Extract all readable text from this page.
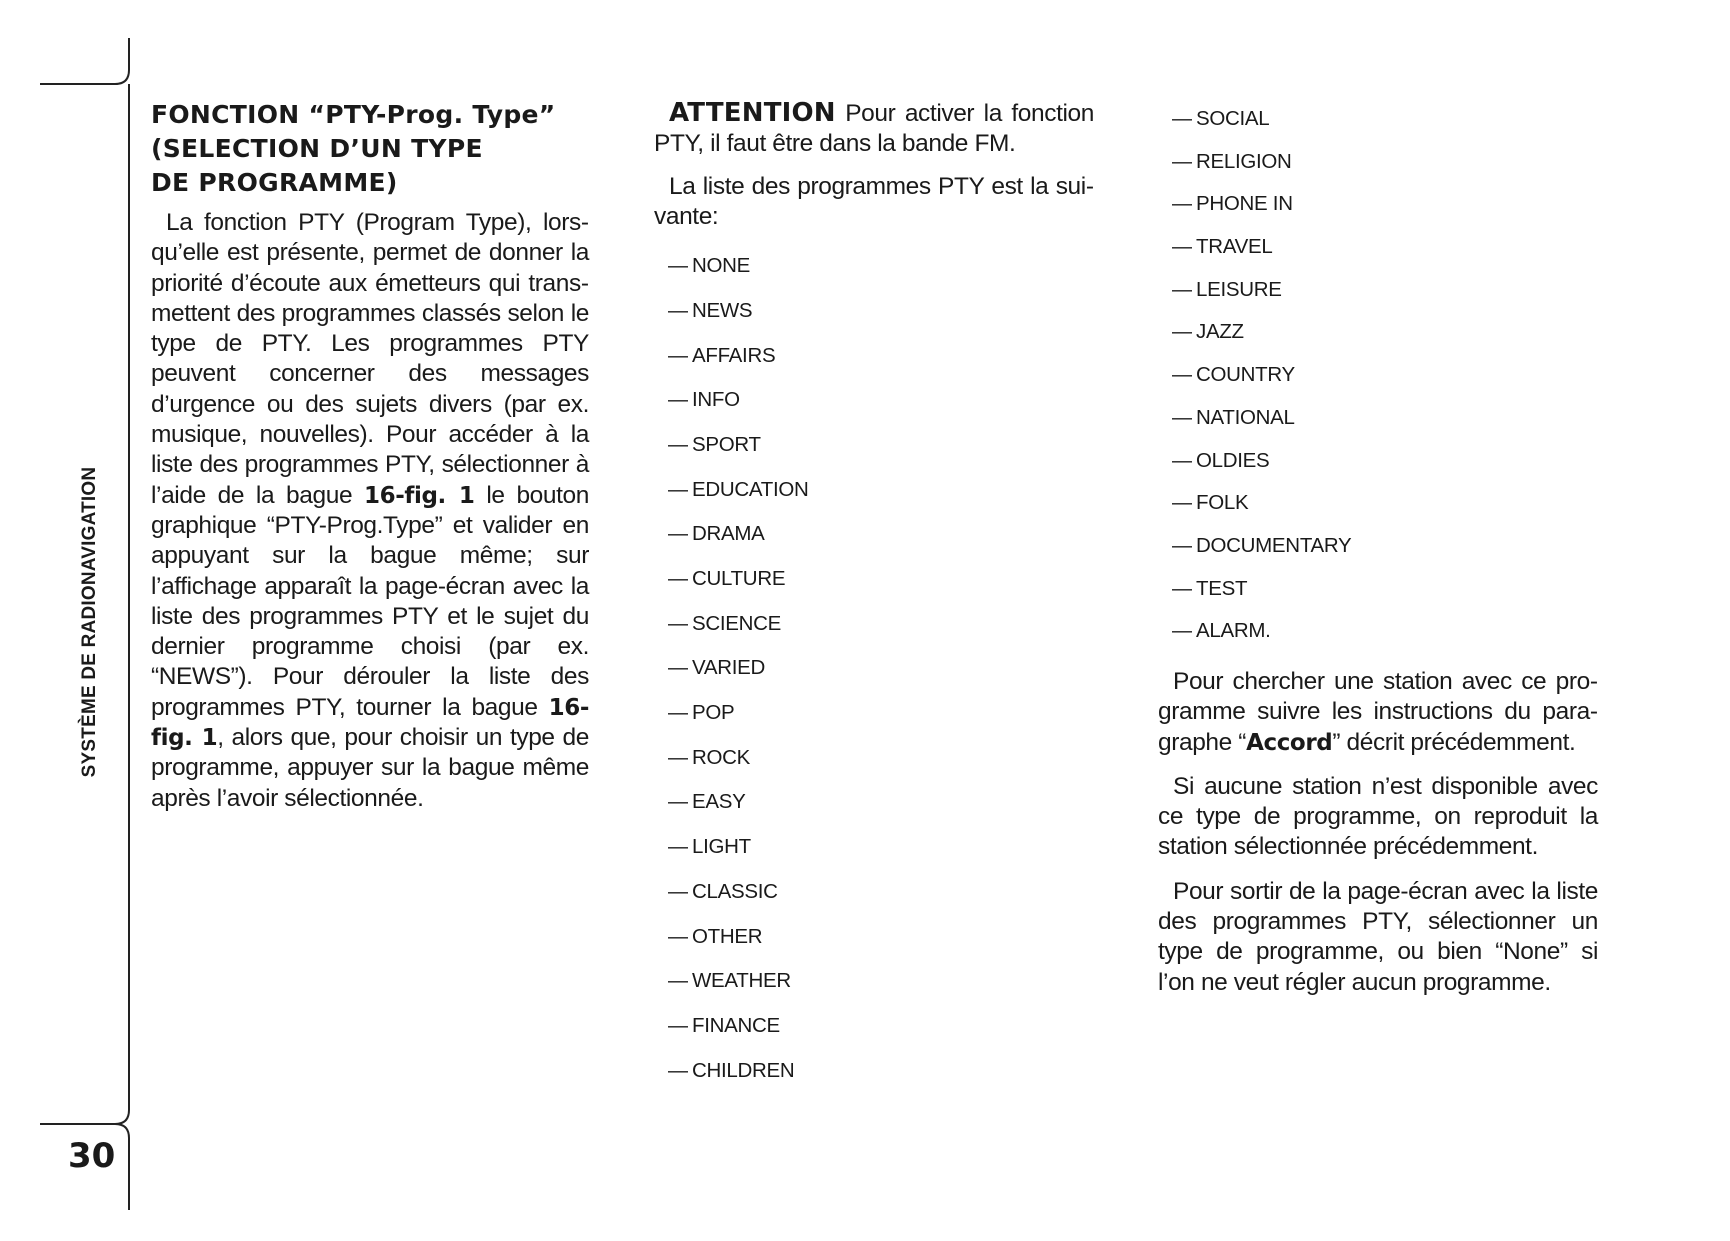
SYSTÈME DE RADIONAVIGATION
30
FONCTION “PTY-Prog. Type”
(SELECTION D’UN TYPE
DE PROGRAMME)

La fonction PTY (Program Type), lorsqu’elle est présente, permet de donner la priorité d’écoute aux émetteurs qui transmettent des programmes classés selon le type de PTY. Les programmes PTY peuvent concerner des messages d’urgence ou des sujets divers (par ex. musique, nouvelles). Pour accéder à la liste des programmes PTY, sélectionner à l’aide de la bague 16-fig. 1 le bouton graphique “PTY-Prog.Type” et valider en appuyant sur la bague même; sur l’affichage apparaît la page-écran avec la liste des programmes PTY et le sujet du dernier programme choisi (par ex. “NEWS”). Pour dérouler la liste des programmes PTY, tourner la bague 16-fig. 1, alors que, pour choisir un type de programme, appuyer sur la bague même après l’avoir sélectionnée.

ATTENTION Pour activer la fonction PTY, il faut être dans la bande FM.

La liste des programmes PTY est la suivante:

— NONE
— NEWS
— AFFAIRS
— INFO
— SPORT
— EDUCATION
— DRAMA
— CULTURE
— SCIENCE
— VARIED
— POP
— ROCK
— EASY
— LIGHT
— CLASSIC
— OTHER
— WEATHER
— FINANCE
— CHILDREN
— SOCIAL
— RELIGION
— PHONE IN
— TRAVEL
— LEISURE
— JAZZ
— COUNTRY
— NATIONAL
— OLDIES
— FOLK
— DOCUMENTARY
— TEST
— ALARM.

Pour chercher une station avec ce programme suivre les instructions du paragraphe “Accord” décrit précédemment.

Si aucune station n’est disponible avec ce type de programme, on reproduit la station sélectionnée précédemment.

Pour sortir de la page-écran avec la liste des programmes PTY, sélectionner un type de programme, ou bien “None” si l’on ne veut régler aucun programme.
